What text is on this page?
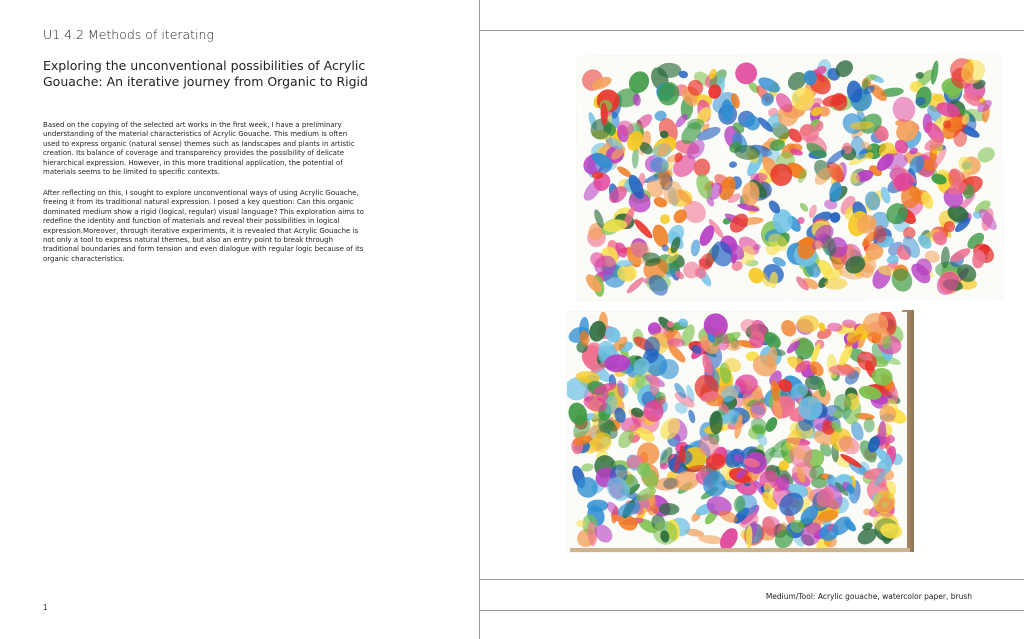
U1.4.2 Methods of iterating
Exploring the unconventional possibilities of Acrylic Gouache: An iterative journey from Organic to Rigid
Based on the copying of the selected art works in the first week, I have a preliminary understanding of the material characteristics of Acrylic Gouache. This medium is often used to express organic (natural sense) themes such as landscapes and plants in artistic creation. Its balance of coverage and transparency provides the possibility of delicate hierarchical expression. However, in this more traditional application, the potential of materials seems to be limited to specific contexts.
After reflecting on this, I sought to explore unconventional ways of using Acrylic Gouache, freeing it from its traditional natural expression. I posed a key question: Can this organic dominated medium show a rigid (logical, regular) visual language? This exploration aims to redefine the identity and function of materials and reveal their possibilities in logical expression.Moreover, through iterative experiments, it is revealed that Acrylic Gouache is not only a tool to express natural themes, but also an entry point to break through traditional boundaries and form tension and even dialogue with regular logic because of its organic characteristics.
1
Medium/Tool: Acrylic gouache, watercolor paper, brush
